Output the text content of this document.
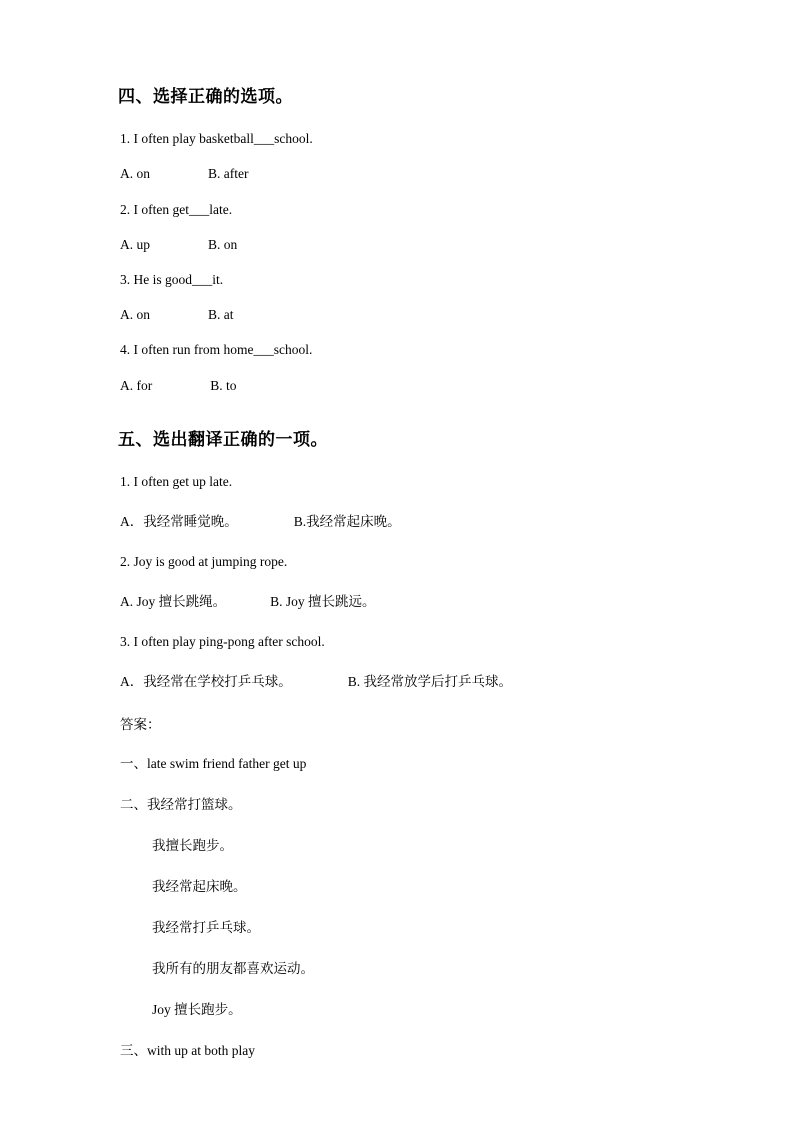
四、选择正确的选项。

1. I often play basketball___school.

A. on	B. after

2. I often get___late.

A. up	B. on

3. He is good___it.

A. on	B. at

4. I often run from home___school.

A. for	B. to

五、选出翻译正确的一项。

1. I often get up late.

A．我经常睡觉晚。	B.我经常起床晚。

2. Joy is good at jumping rope.

A. Joy 擅长跳绳。	B. Joy 擅长跳远。

3. I often play ping-pong after school.

A．我经常在学校打乒乓球。	B. 我经常放学后打乒乓球。

答案：

一、late swim friend father get up

二、我经常打篮球。

我擅长跑步。

我经常起床晚。

我经常打乒乓球。

我所有的朋友都喜欢运动。

Joy 擅长跑步。

三、with up at both play
